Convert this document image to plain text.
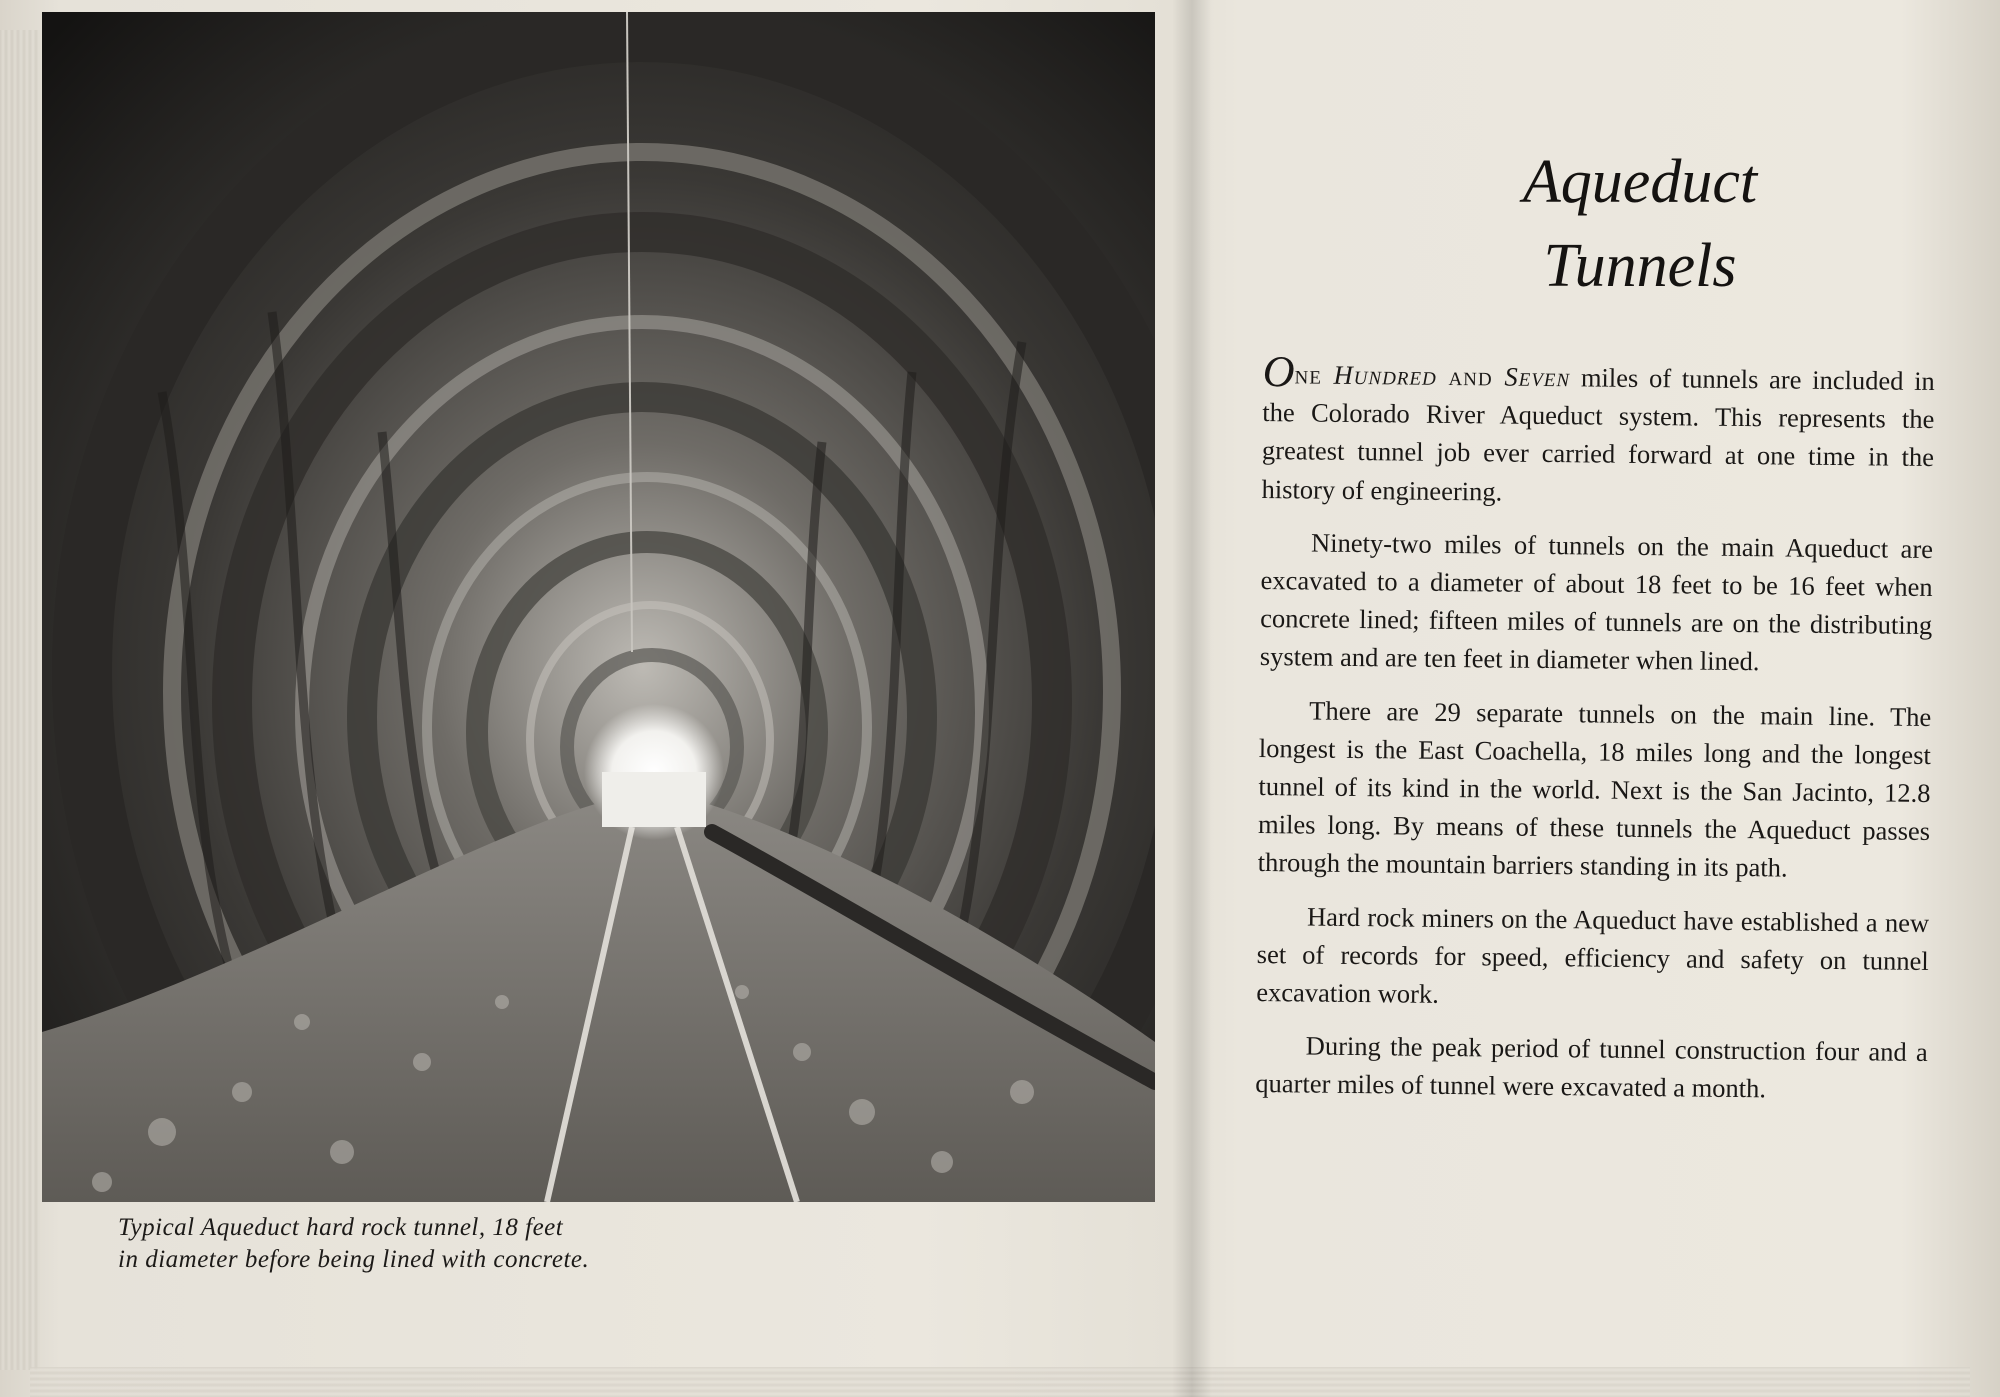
Typical Aqueduct hard rock tunnel, 18 feet
in diameter before being lined with concrete.
Aqueduct
Tunnels

One Hundred and Seven miles of tunnels are included in the Colorado River Aqueduct system. This represents the greatest tunnel job ever carried forward at one time in the history of engineering.

Ninety-two miles of tunnels on the main Aqueduct are excavated to a diameter of about 18 feet to be 16 feet when concrete lined; fifteen miles of tunnels are on the distributing system and are ten feet in diameter when lined.

There are 29 separate tunnels on the main line. The longest is the East Coachella, 18 miles long and the longest tunnel of its kind in the world. Next is the San Jacinto, 12.8 miles long. By means of these tunnels the Aqueduct passes through the mountain barriers standing in its path.

Hard rock miners on the Aqueduct have established a new set of records for speed, efficiency and safety on tunnel excavation work.

During the peak period of tunnel construction four and a quarter miles of tunnel were excavated a month.
